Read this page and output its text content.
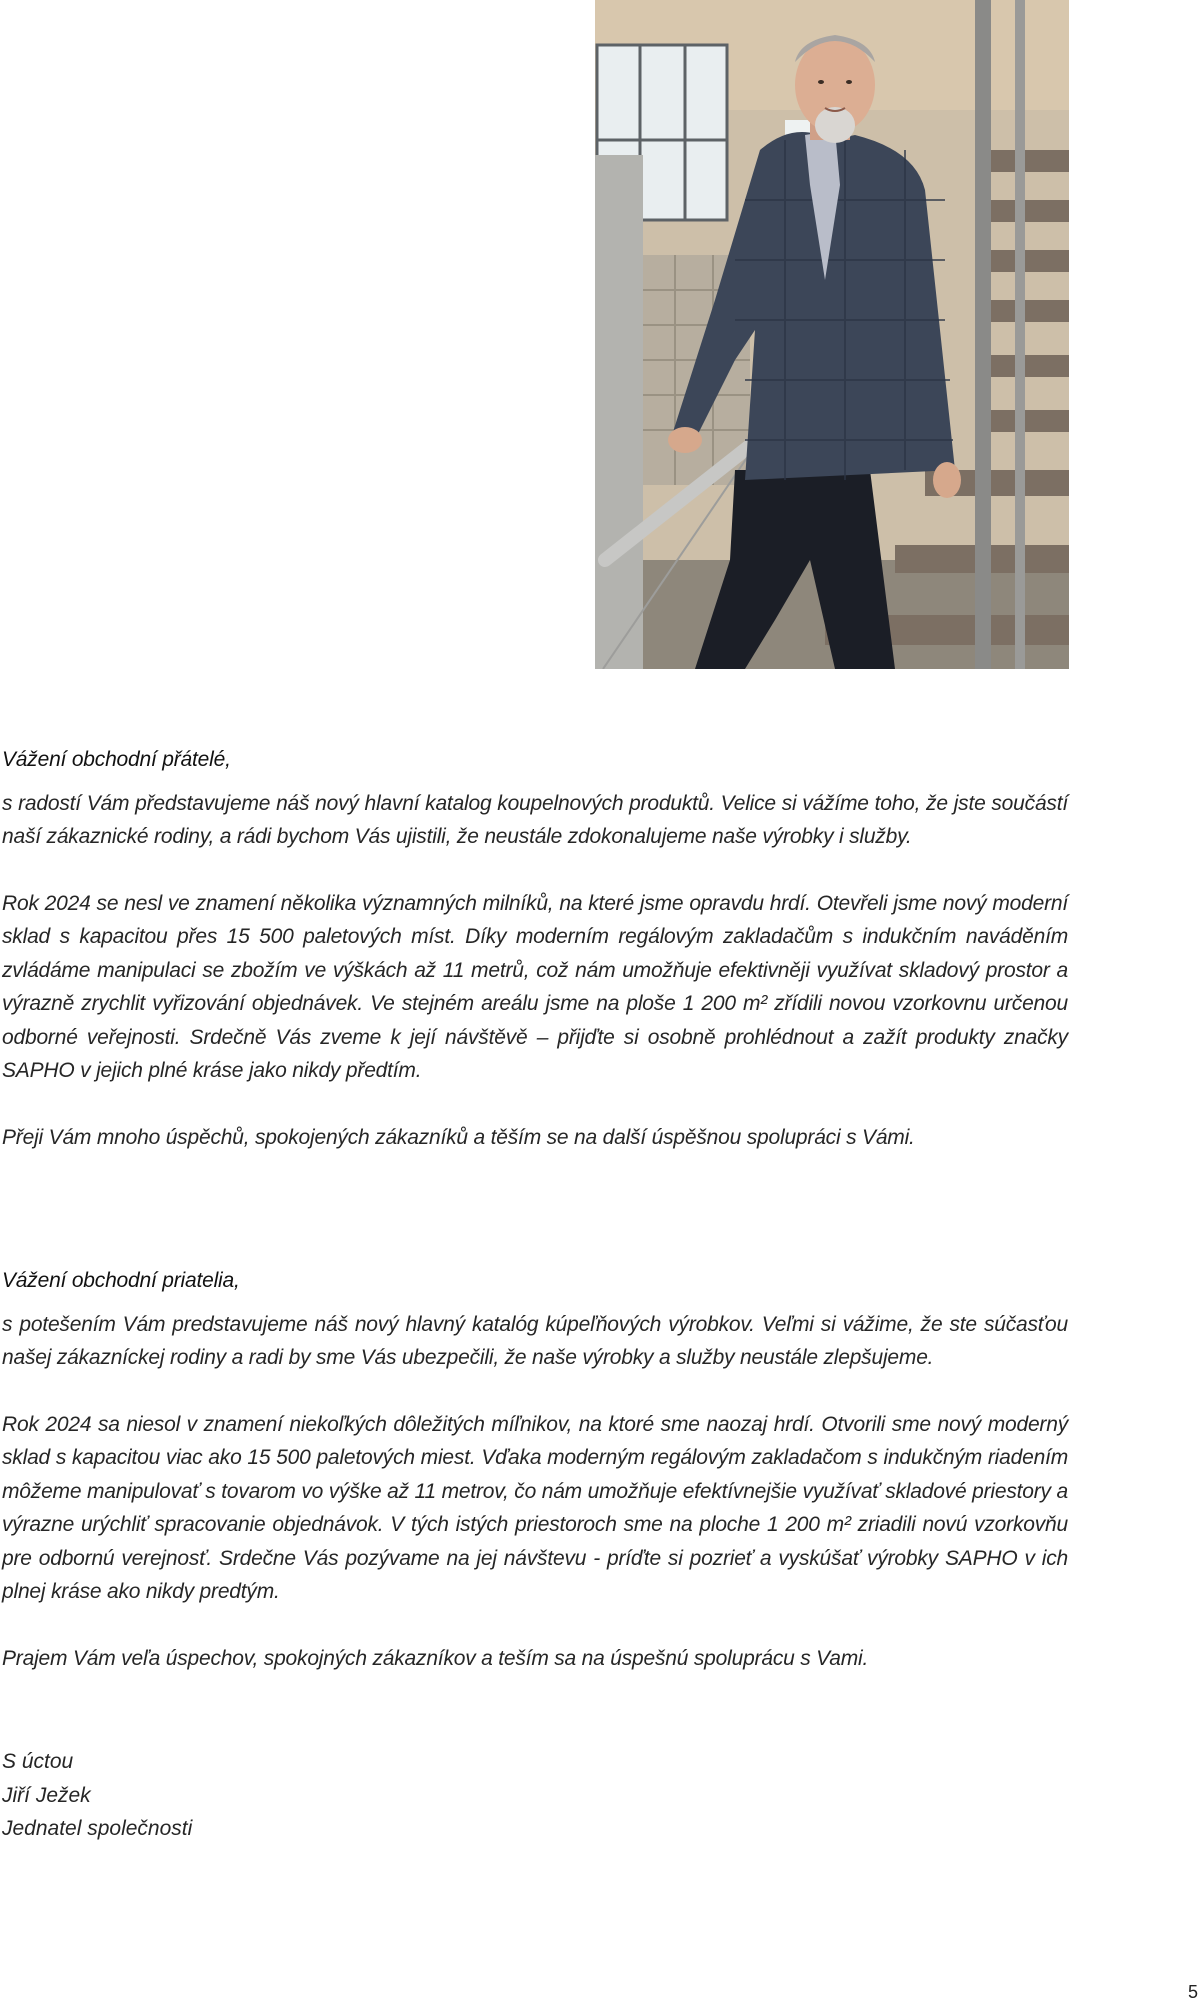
Vážení obchodní přátelé,

s radostí Vám představujeme náš nový hlavní katalog koupelnových produktů. Velice si vážíme toho, že jste součástí naší zákaznické rodiny, a rádi bychom Vás ujistili, že neustále zdokonalujeme naše výrobky i služby.

Rok 2024 se nesl ve znamení několika významných milníků, na které jsme opravdu hrdí. Otevřeli jsme nový moderní sklad s kapacitou přes 15 500 paletových míst. Díky moderním regálovým zakladačům s indukčním naváděním zvládáme manipulaci se zbožím ve výškách až 11 metrů, což nám umožňuje efektivněji využívat skladový prostor a výrazně zrychlit vyřizování objednávek. Ve stejném areálu jsme na ploše 1 200 m² zřídili novou vzorkovnu určenou odborné veřejnosti. Srdečně Vás zveme k její návštěvě – přijďte si osobně prohlédnout a zažít produkty značky SAPHO v jejich plné kráse jako nikdy předtím.

Přeji Vám mnoho úspěchů, spokojených zákazníků a těším se na další úspěšnou spolupráci s Vámi.

Vážení obchodní priatelia,

s potešením Vám predstavujeme náš nový hlavný katalóg kúpeľňových výrobkov. Veľmi si vážime, že ste súčasťou našej zákazníckej rodiny a radi by sme Vás ubezpečili, že naše výrobky a služby neustále zlepšujeme.

Rok 2024 sa niesol v znamení niekoľkých dôležitých míľnikov, na ktoré sme naozaj hrdí. Otvorili sme nový moderný sklad s kapacitou viac ako 15 500 paletových miest. Vďaka moderným regálovým zakladačom s indukčným riadením môžeme manipulovať s tovarom vo výške až 11 metrov, čo nám umožňuje efektívnejšie využívať skladové priestory a výrazne urýchliť spracovanie objednávok. V tých istých priestoroch sme na ploche 1 200 m² zriadili novú vzorkovňu pre odbornú verejnosť. Srdečne Vás pozývame na jej návštevu - príďte si pozrieť a vyskúšať výrobky SAPHO v ich plnej kráse ako nikdy predtým.

Prajem Vám veľa úspechov, spokojných zákazníkov a teším sa na úspešnú spoluprácu s Vami.

S úctou
Jiří Ježek
Jednatel společnosti
5
